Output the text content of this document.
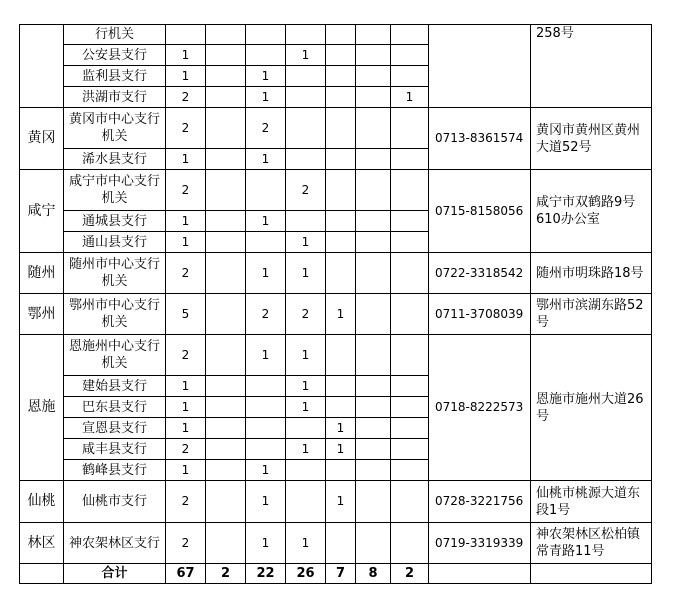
	行机关									258号
	公安县支行	1			1					
	监利县支行	1		1						
	洪湖市支行	2		1				1		
黄冈	黄冈市中心支行机关	2		2					0713-8361574	黄冈市黄州区黄州大道52号
	浠水县支行	1		1						
咸宁	咸宁市中心支行机关	2			2				0715-8158056	咸宁市双鹤路9号610办公室
	通城县支行	1		1						
	通山县支行	1			1					
随州	随州市中心支行机关	2		1	1				0722-3318542	随州市明珠路18号
鄂州	鄂州市中心支行机关	5		2	2	1			0711-3708039	鄂州市滨湖东路52号
恩施	恩施州中心支行机关	2		1	1				0718-8222573	恩施市施州大道26号
	建始县支行	1			1					
	巴东县支行	1			1					
	宣恩县支行	1				1				
	咸丰县支行	2			1	1				
	鹤峰县支行	1		1						
仙桃	仙桃市支行	2		1		1			0728-3221756	仙桃市桃源大道东段1号
林区	神农架林区支行	2		1	1				0719-3319339	神农架林区松柏镇常青路11号
	合计	67	2	22	26	7	8	2		
